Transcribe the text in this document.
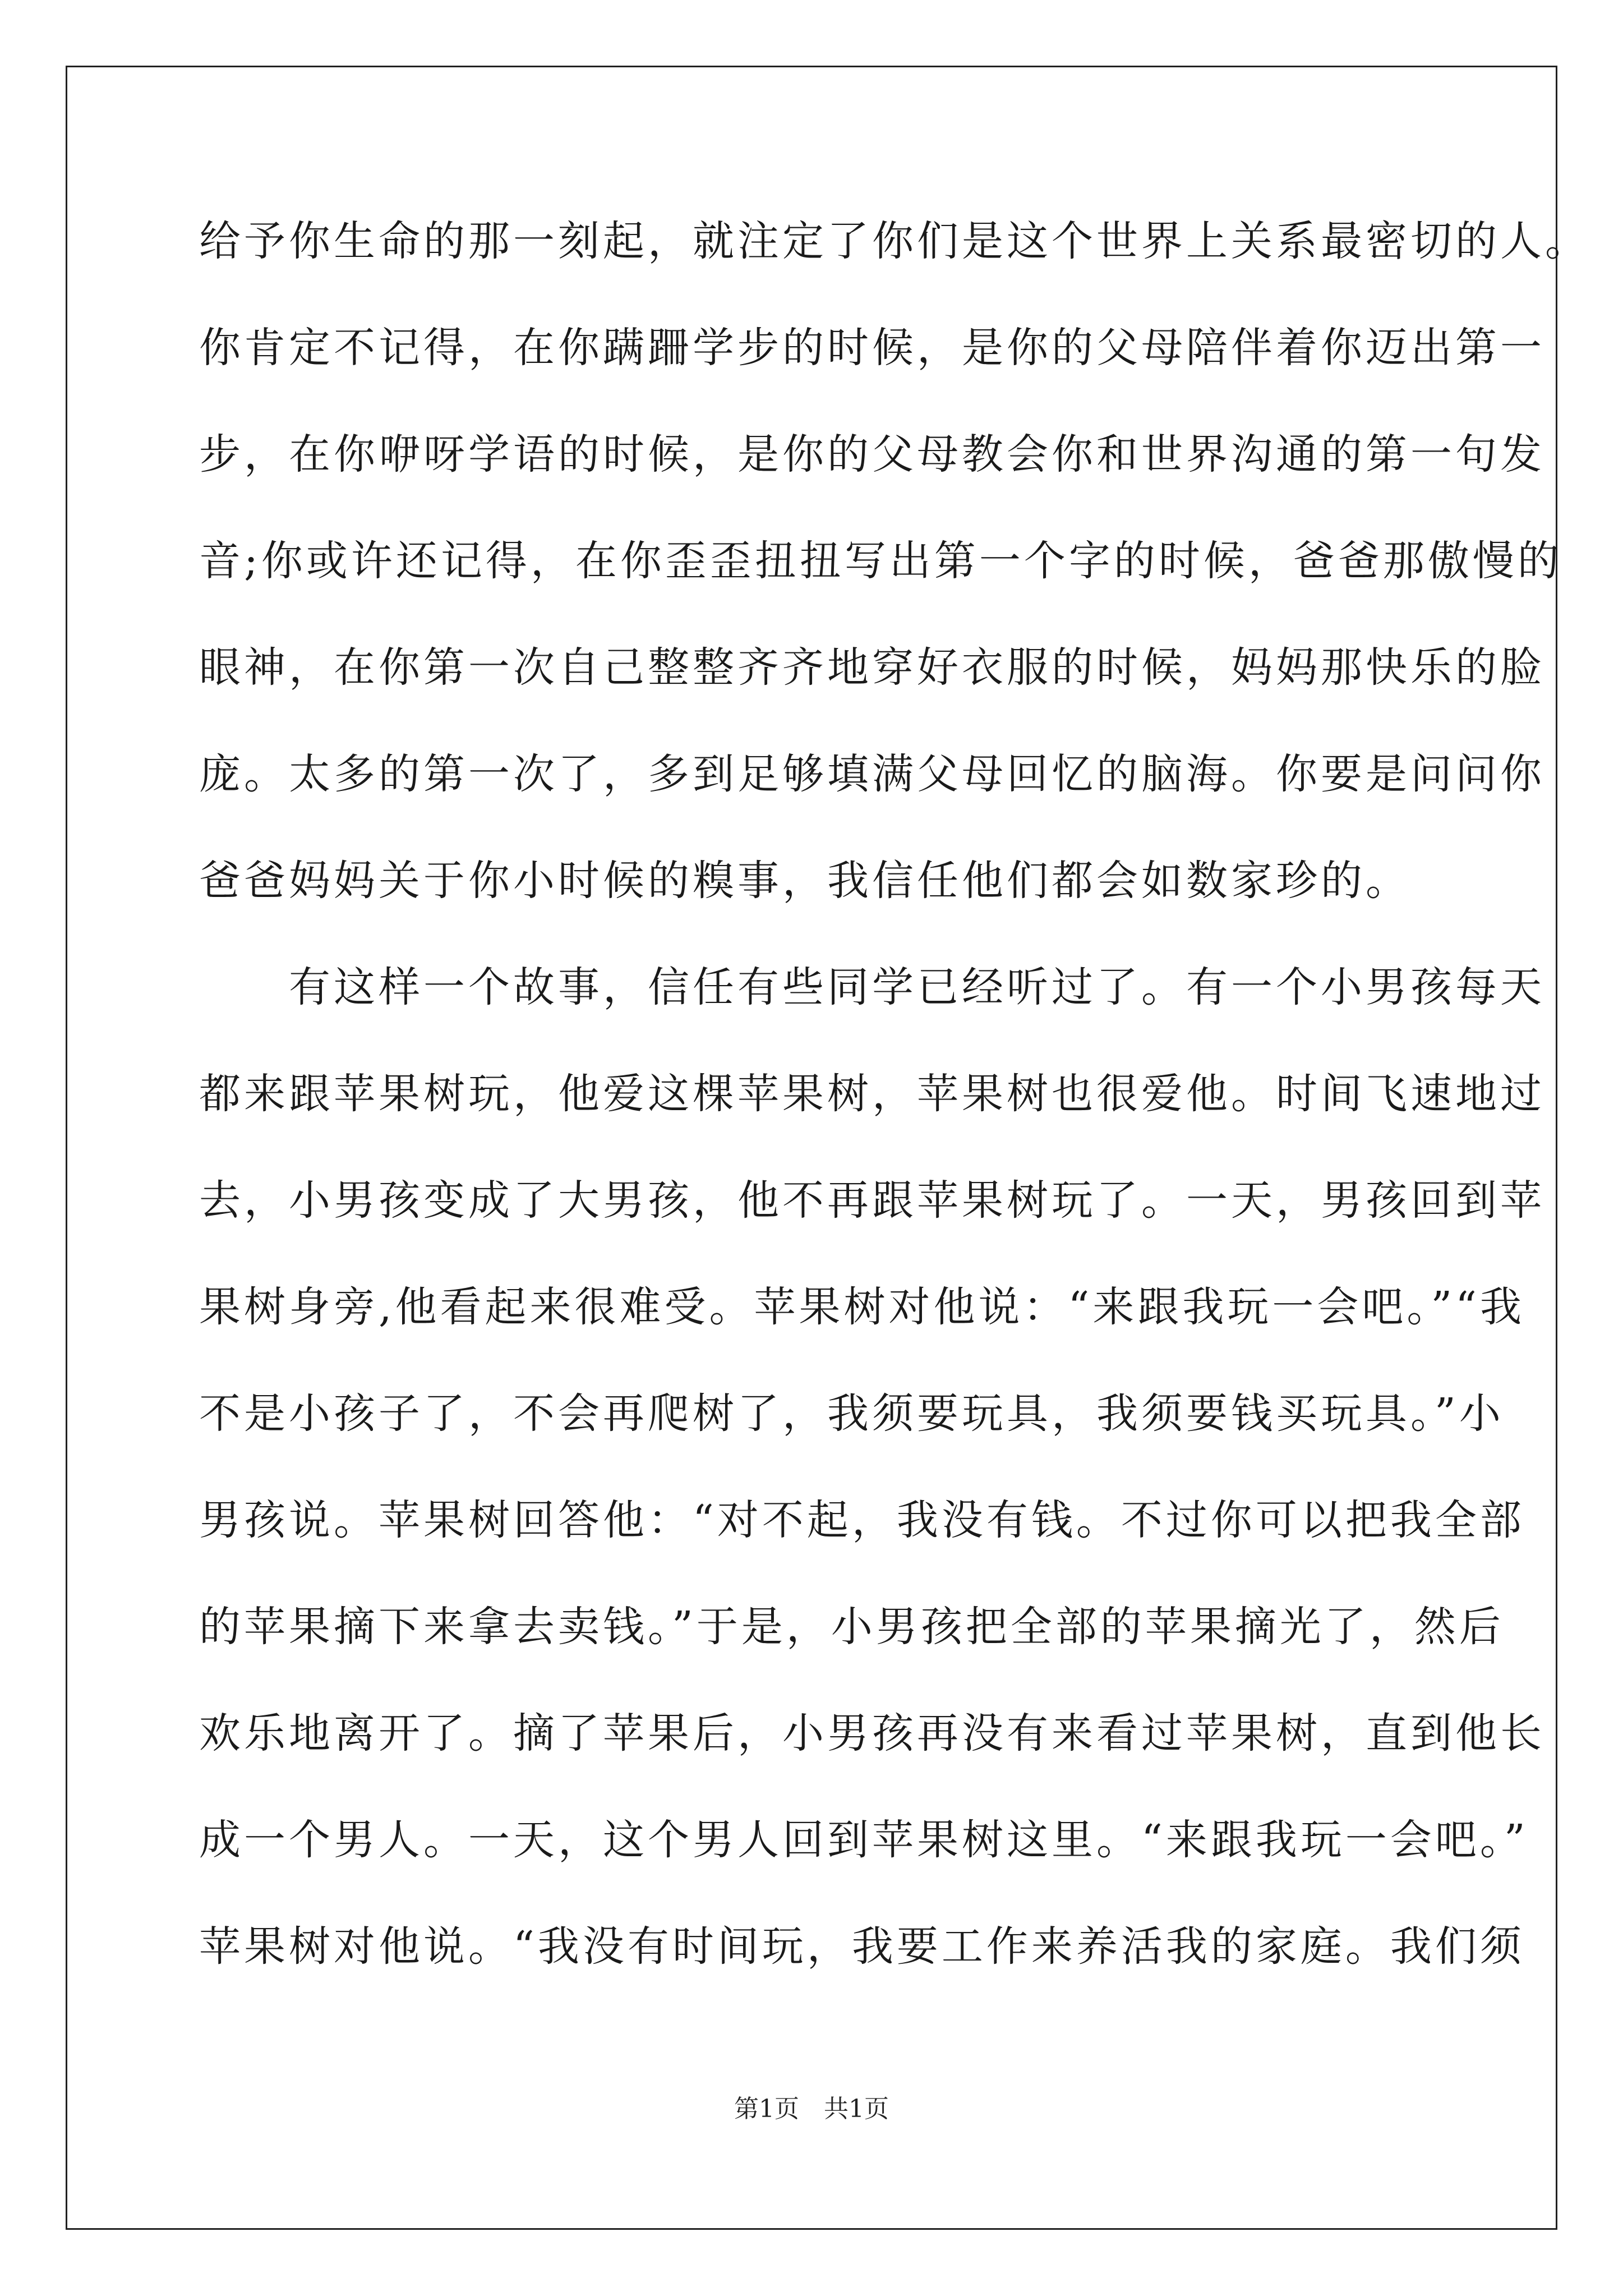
给予你生命的那一刻起，就注定了你们是这个世界上关系最密切的人。
你肯定不记得，在你蹒跚学步的时候，是你的父母陪伴着你迈出第一
步，在你咿呀学语的时候，是你的父母教会你和世界沟通的第一句发
音;你或许还记得，在你歪歪扭扭写出第一个字的时候，爸爸那傲慢的
眼神，在你第一次自己整整齐齐地穿好衣服的时候，妈妈那快乐的脸
庞。太多的第一次了，多到足够填满父母回忆的脑海。你要是问问你
爸爸妈妈关于你小时候的糗事，我信任他们都会如数家珍的。
　　有这样一个故事，信任有些同学已经听过了。有一个小男孩每天
都来跟苹果树玩，他爱这棵苹果树，苹果树也很爱他。时间飞速地过
去，小男孩变成了大男孩，他不再跟苹果树玩了。一天，男孩回到苹
果树身旁,他看起来很难受。苹果树对他说：“来跟我玩一会吧。”“我
不是小孩子了，不会再爬树了，我须要玩具，我须要钱买玩具。”小
男孩说。苹果树回答他：“对不起，我没有钱。不过你可以把我全部
的苹果摘下来拿去卖钱。”于是，小男孩把全部的苹果摘光了，然后
欢乐地离开了。摘了苹果后，小男孩再没有来看过苹果树，直到他长
成一个男人。一天，这个男人回到苹果树这里。“来跟我玩一会吧。”
苹果树对他说。“我没有时间玩，我要工作来养活我的家庭。我们须
第1页　共1页
